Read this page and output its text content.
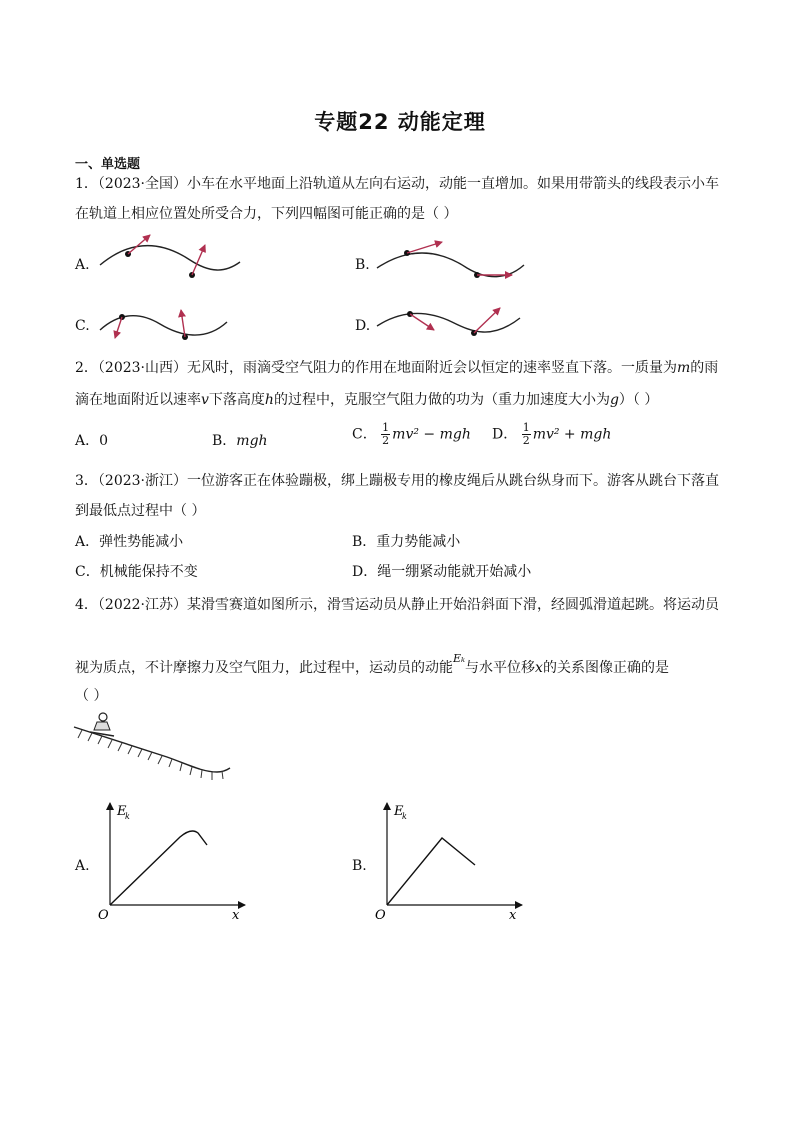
专题22 动能定理
一、单选题
1．（2023·全国）小车在水平地面上沿轨道从左向右运动，动能一直增加。如果用带箭头的线段表示小车
在轨道上相应位置处所受合力，下列四幅图可能正确的是（ ）
A.	B.
C.	D.
2．（2023·山西）无风时，雨滴受空气阻力的作用在地面附近会以恒定的速率竖直下落。一质量为m的雨
滴在地面附近以速率v下落高度h的过程中，克服空气阻力做的功为（重力加速度大小为g）（ ）
A．0	B．mgh	C． $\frac{1}{2} mv^2$ − mgh D． $\frac{1}{2} mv^2$ + mgh
3．（2023·浙江）一位游客正在体验蹦极，绑上蹦极专用的橡皮绳后从跳台纵身而下。游客从跳台下落直
到最低点过程中（ ）
A．弹性势能减小	B．重力势能减小
C．机械能保持不变	D．绳一绷紧动能就开始减小
4．（2022·江苏）某滑雪赛道如图所示，滑雪运动员从静止开始沿斜面下滑，经圆弧滑道起跳。将运动员
视为质点，不计摩擦力及空气阻力，此过程中，运动员的动能$^{E_k}$与水平位移x的关系图像正确的是
（ ）
A.
E
k
O	x
B.
E
k
O	x
